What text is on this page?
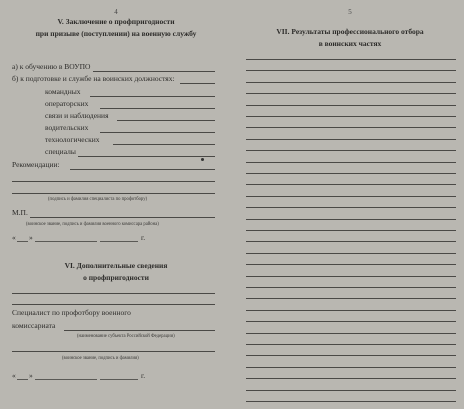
4
V. Заключение о профпригодности
при призыве (поступлении) на военную службу
а) к обучению в ВОУПО
б) к подготовке и службе на воинских должностях:
командных
операторских
связи и наблюдения
водительских
технологических
специалы
Рекомендации:
(подпись и фамилия специалиста по профотбору)
М.П.
(воинское звание, подпись и фамилия военного комиссара района)
« »	г.
VI. Дополнительные сведения
о профпригодности
Специалист по профотбору военного
комиссариата
(наименование субъекта Российской Федерации)
(воинское звание, подпись и фамилия)
« »	г.
5
VII. Результаты профессионального отбора
в воинских частях
